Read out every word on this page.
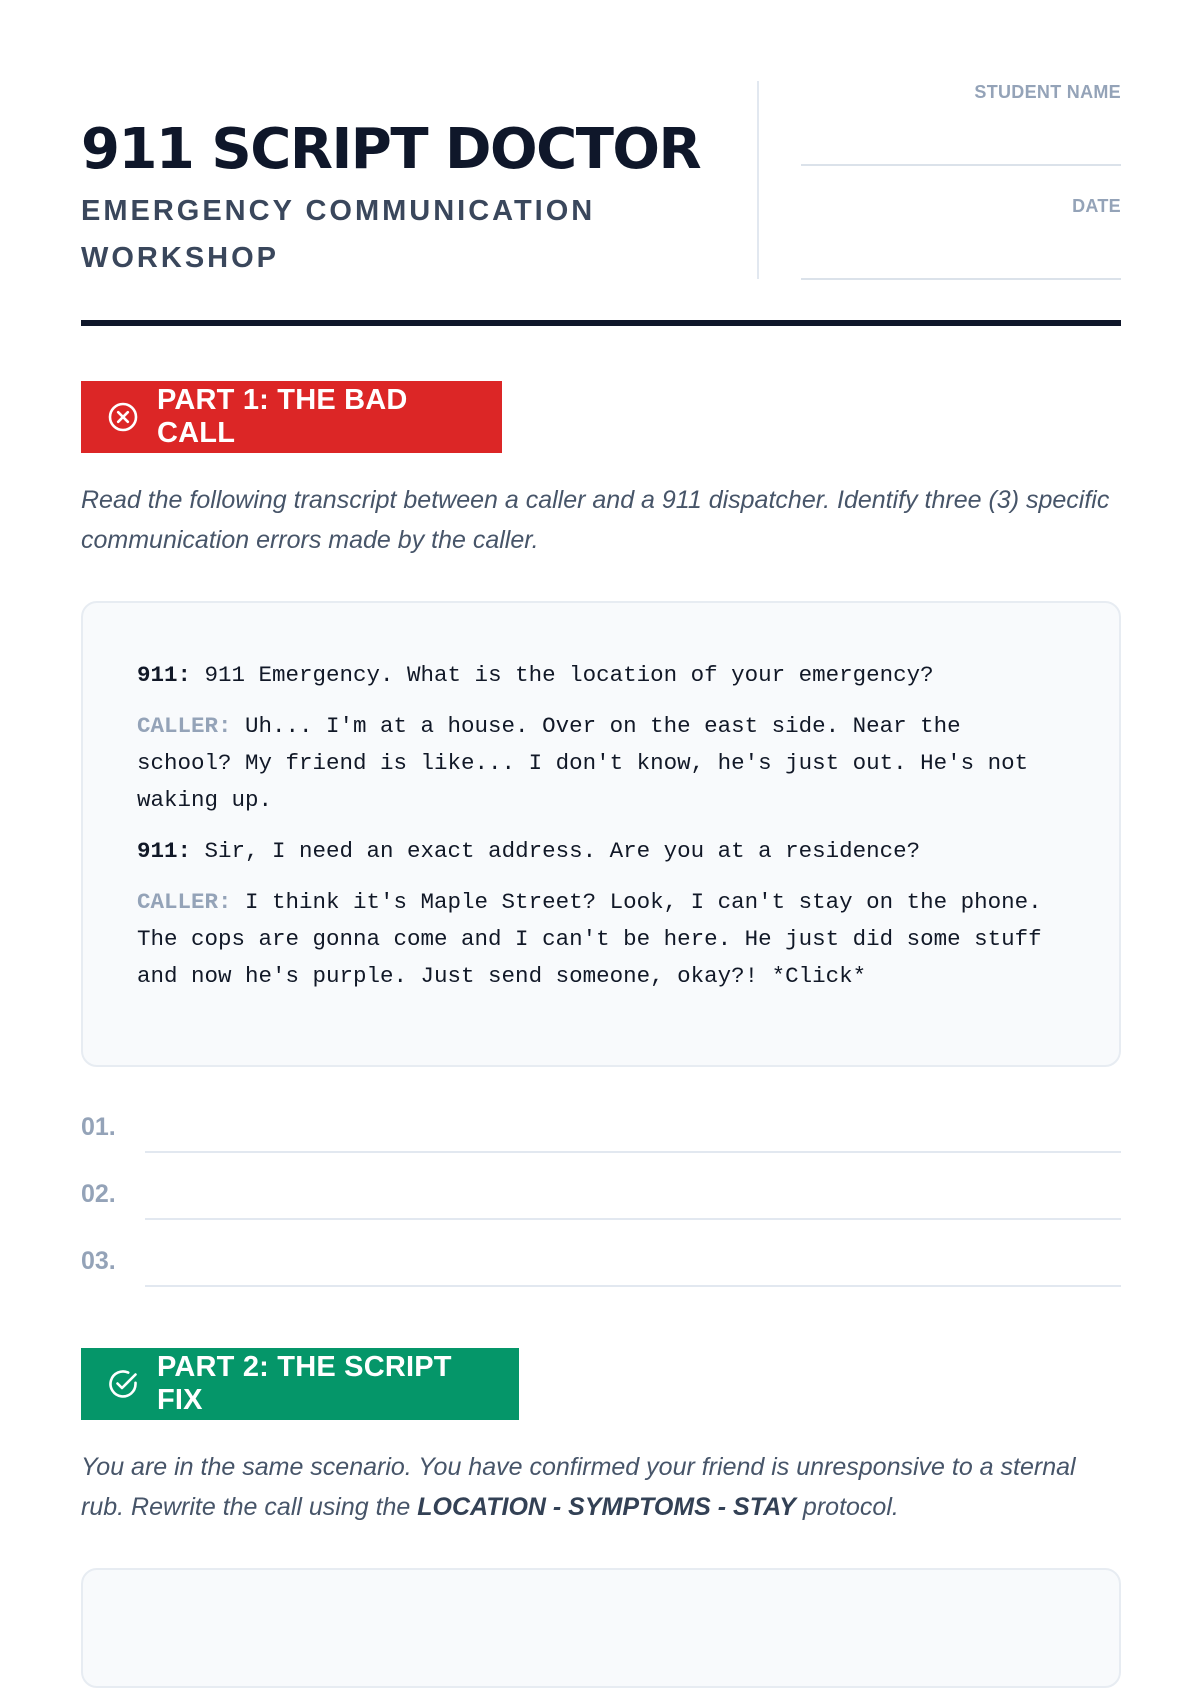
911 SCRIPT DOCTOR
EMERGENCY COMMUNICATION WORKSHOP
STUDENT NAME
DATE
PART 1: THE BAD CALL

Read the following transcript between a caller and a 911 dispatcher. Identify three (3) specific communication errors made by the caller.

911: 911 Emergency. What is the location of your emergency?

CALLER: Uh... I'm at a house. Over on the east side. Near the school? My friend is like... I don't know, he's just out. He's not waking up.

911: Sir, I need an exact address. Are you at a residence?

CALLER: I think it's Maple Street? Look, I can't stay on the phone. The cops are gonna come and I can't be here. He just did some stuff and now he's purple. Just send someone, okay?! *Click*

01.
02.
03.
PART 2: THE SCRIPT FIX

You are in the same scenario. You have confirmed your friend is unresponsive to a sternal rub. Rewrite the call using the LOCATION - SYMPTOMS - STAY protocol.
